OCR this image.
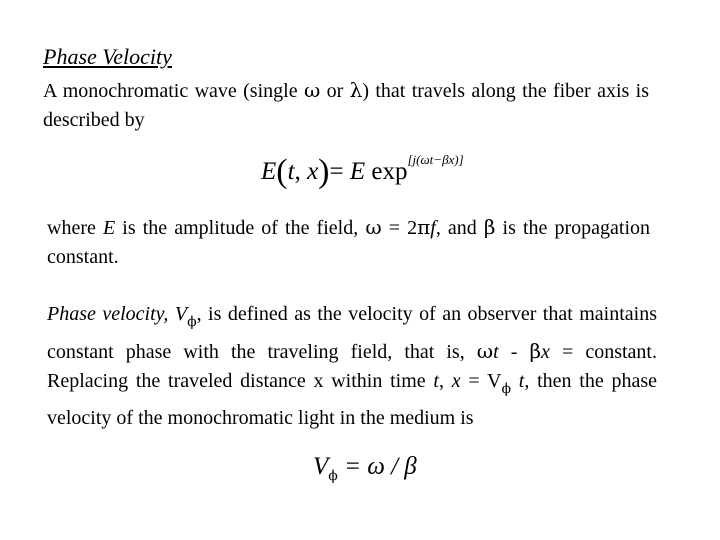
Phase Velocity

A monochromatic wave (single ω or λ) that travels along the fiber axis is described by

E(t, x)= E exp[j(ωt−βx)]

where E is the amplitude of the field, ω = 2πf, and β is the propagation constant.

Phase velocity, $V_\phi$, is defined as the velocity of an observer that maintains constant phase with the traveling field, that is, ωt - βx = constant. Replacing the traveled distance x within time t, $x = V_\phi$ t, then the phase velocity of the monochromatic light in the medium is

$V_\phi = \omega / \beta$
